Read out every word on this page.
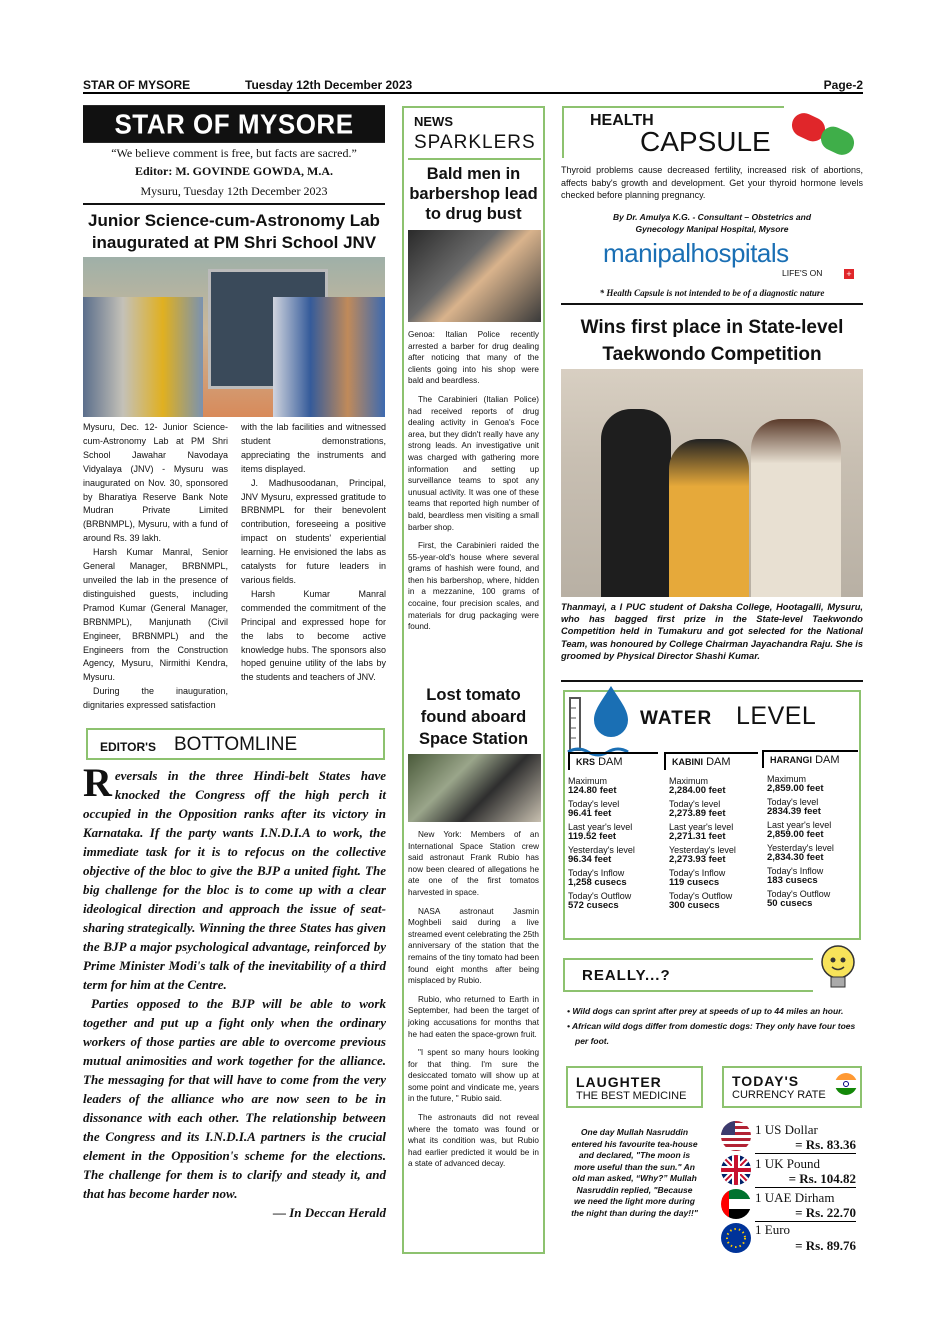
STAR OF MYSORE	Tuesday 12th December 2023	Page-2
STAR OF MYSORE
“We believe comment is free, but facts are sacred.”
Editor: M. GOVINDE GOWDA, M.A.
Mysuru, Tuesday 12th December 2023
Junior Science-cum-Astronomy Lab inaugurated at PM Shri School JNV

Mysuru, Dec. 12- Junior Science-cum-Astronomy Lab at PM Shri School Jawahar Navodaya Vidyalaya (JNV) - Mysuru was inaugurated on Nov. 30, sponsored by Bharatiya Reserve Bank Note Mudran Private Limited (BRBNMPL), Mysuru, with a fund of around Rs. 39 lakh.

Harsh Kumar Manral, Senior General Manager, BRBNMPL, unveiled the lab in the presence of distinguished guests, including Pramod Kumar (General Manager, BRBNMPL), Manjunath (Civil Engineer, BRBNMPL) and the Engineers from the Construction Agency, Mysuru, Nirmithi Kendra, Mysuru.

During the inauguration, dignitaries expressed satisfaction

with the lab facilities and witnessed student demonstrations, appreciating the instruments and items displayed.

J. Madhusoodanan, Principal, JNV Mysuru, expressed gratitude to BRBNMPL for their benevolent contribution, foreseeing a positive impact on students' experiential learning. He envisioned the labs as catalysts for future leaders in various fields.

Harsh Kumar Manral commended the commitment of the Principal and expressed hope for the labs to become active knowledge hubs. The sponsors also hoped genuine utility of the labs by the students and teachers of JNV.

EDITOR'S BOTTOMLINE

Reversals in the three Hindi-belt States have knocked the Congress off the high perch it occupied in the Opposition ranks after its victory in Karnataka. If the party wants I.N.D.I.A to work, the immediate task for it is to refocus on the collective objective of the bloc to give the BJP a united fight. The big challenge for the bloc is to come up with a clear ideological direction and approach the issue of seat-sharing strategically. Winning the three States has given the BJP a major psychological advantage, reinforced by Prime Minister Modi's talk of the inevitability of a third term for him at the Centre.

Parties opposed to the BJP will be able to work together and put up a fight only when the ordinary workers of those parties are able to overcome previous mutual animosities and work together for the alliance. The messaging for that will have to come from the very leaders of the alliance who are now seen to be in dissonance with each other. The relationship between the Congress and its I.N.D.I.A partners is the crucial element in the Opposition's scheme for the elections. The challenge for them is to clarify and steady it, and that has become harder now.

— In Deccan Herald

NEWS
SPARKLERS
Bald men in barbershop lead to drug bust

Genoa: Italian Police recently arrested a barber for drug dealing after noticing that many of the clients going into his shop were bald and beardless.

The Carabinieri (Italian Police) had received reports of drug dealing activity in Genoa's Foce area, but they didn't really have any strong leads. An investigative unit was charged with gathering more information and setting up surveillance teams to spot any unusual activity. It was one of these teams that reported high number of bald, beardless men visiting a small barber shop.

First, the Carabinieri raided the 55-year-old's house where several grams of hashish were found, and then his barbershop, where, hidden in a mezzanine, 100 grams of cocaine, four precision scales, and materials for drug packaging were found.

Lost tomato found aboard Space Station

New York: Members of an International Space Station crew said astronaut Frank Rubio has now been cleared of allegations he ate one of the first tomatos harvested in space.

NASA astronaut Jasmin Moghbeli said during a live streamed event celebrating the 25th anniversary of the station that the remains of the tiny tomato had been found eight months after being misplaced by Rubio.

Rubio, who returned to Earth in September, had been the target of joking accusations for months that he had eaten the space-grown fruit.

"I spent so many hours looking for that thing. I'm sure the desiccated tomato will show up at some point and vindicate me, years in the future, " Rubio said.

The astronauts did not reveal where the tomato was found or what its condition was, but Rubio had earlier predicted it would be in a state of advanced decay.

HEALTH
CAPSULE
Thyroid problems cause decreased fertility, increased risk of abortions, affects baby's growth and development. Get your thyroid hormone levels checked before planning pregnancy.
By Dr. Amulya K.G. - Consultant – Obstetrics and Gynecology Manipal Hospital, Mysore
manipalhospitals
LIFE'S ON	+
* Health Capsule is not intended to be of a diagnostic nature
Wins first place in State-level Taekwondo Competition
Thanmayi, a I PUC student of Daksha College, Hootagalli, Mysuru, who has bagged first prize in the State-level Taekwondo Competition held in Tumakuru and got selected for the National Team, was honoured by College Chairman Jayachandra Raju. She is groomed by Physical Director Shashi Kumar.
WATER LEVEL
KRS DAM
Maximum
124.80 feet
Today's level
96.41 feet
Last year's level
119.52 feet
Yesterday's level
96.34 feet
Today's Inflow
1,258 cusecs
Today's Outflow
572 cusecs
KABINI DAM
Maximum
2,284.00 feet
Today's level
2,273.89 feet
Last year's level
2,271.31 feet
Yesterday's level
2,273.93 feet
Today's Inflow
119 cusecs
Today's Outflow
300 cusecs
HARANGI DAM
Maximum
2,859.00 feet
Today's level
2834.39 feet
Last year's level
2,859.00 feet
Yesterday's level
2,834.30 feet
Today's Inflow
183 cusecs
Today's Outflow
50 cusecs
REALLY...?
• Wild dogs can sprint after prey at speeds of up to 44 miles an hour.
• African wild dogs differ from domestic dogs: They only have four toes per foot.
LAUGHTER
THE BEST MEDICINE
One day Mullah Nasruddin entered his favourite tea-house and declared, "The moon is more useful than the sun." An old man asked, “Why?” Mullah Nasruddin replied, "Because we need the light more during the night than during the day!!"
TODAY'S
CURRENCY RATE
1 US Dollar
= Rs. 83.36
1 UK Pound
= Rs. 104.82
1 UAE Dirham
= Rs. 22.70
1 Euro
= Rs. 89.76
